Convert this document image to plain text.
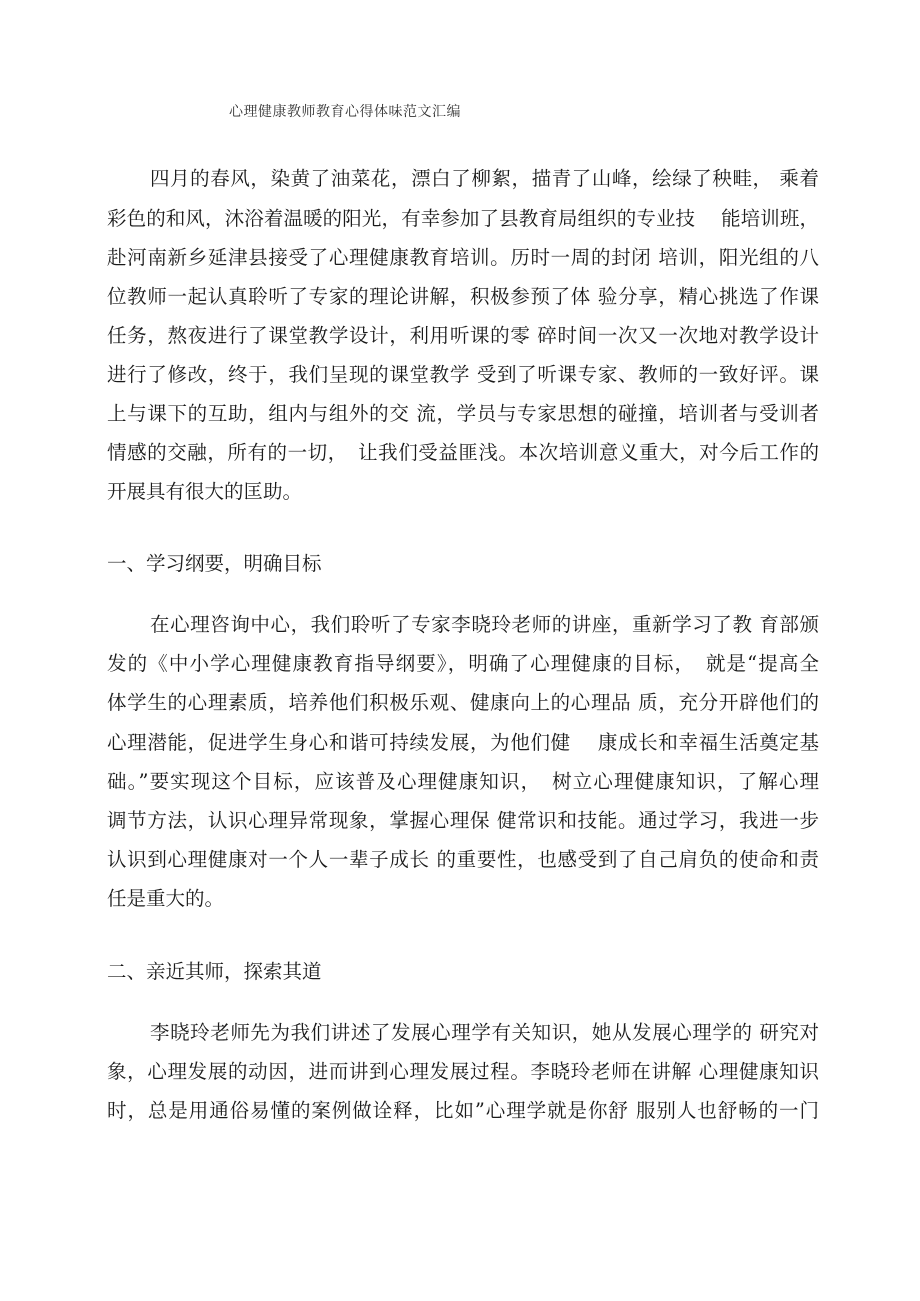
心理健康教师教育心得体味范文汇编
四月的春风，染黄了油菜花，漂白了柳絮，描青了山峰，绘绿了秧畦， 乘着
彩色的和风，沐浴着温暖的阳光，有幸参加了县教育局组织的专业技　 能培训班，
赴河南新乡延津县接受了心理健康教育培训。历时一周的封闭 培训，阳光组的八
位教师一起认真聆听了专家的理论讲解，积极参预了体 验分享，精心挑选了作课
任务，熬夜进行了课堂教学设计，利用听课的零 碎时间一次又一次地对教学设计
进行了修改，终于，我们呈现的课堂教学 受到了听课专家、教师的一致好评。课
上与课下的互助，组内与组外的交 流，学员与专家思想的碰撞，培训者与受训者
情感的交融，所有的一切，　让我们受益匪浅。本次培训意义重大，对今后工作的
开展具有很大的匡助。
一、学习纲要，明确目标
在心理咨询中心，我们聆听了专家李晓玲老师的讲座，重新学习了教 育部颁
发的《中小学心理健康教育指导纲要》，明确了心理健康的目标，　就是“提高全
体学生的心理素质，培养他们积极乐观、健康向上的心理品 质，充分开辟他们的
心理潜能，促进学生身心和谐可持续发展，为他们健　 康成长和幸福生活奠定基
础。”要实现这个目标，应该普及心理健康知识，　树立心理健康知识，了解心理
调节方法，认识心理异常现象，掌握心理保 健常识和技能。通过学习，我进一步
认识到心理健康对一个人一辈子成长 的重要性，也感受到了自己肩负的使命和责
任是重大的。
二、亲近其师，探索其道
李晓玲老师先为我们讲述了发展心理学有关知识，她从发展心理学的 研究对
象，心理发展的动因，进而讲到心理发展过程。李晓玲老师在讲解 心理健康知识
时，总是用通俗易懂的案例做诠释，比如”心理学就是你舒 服别人也舒畅的一门
